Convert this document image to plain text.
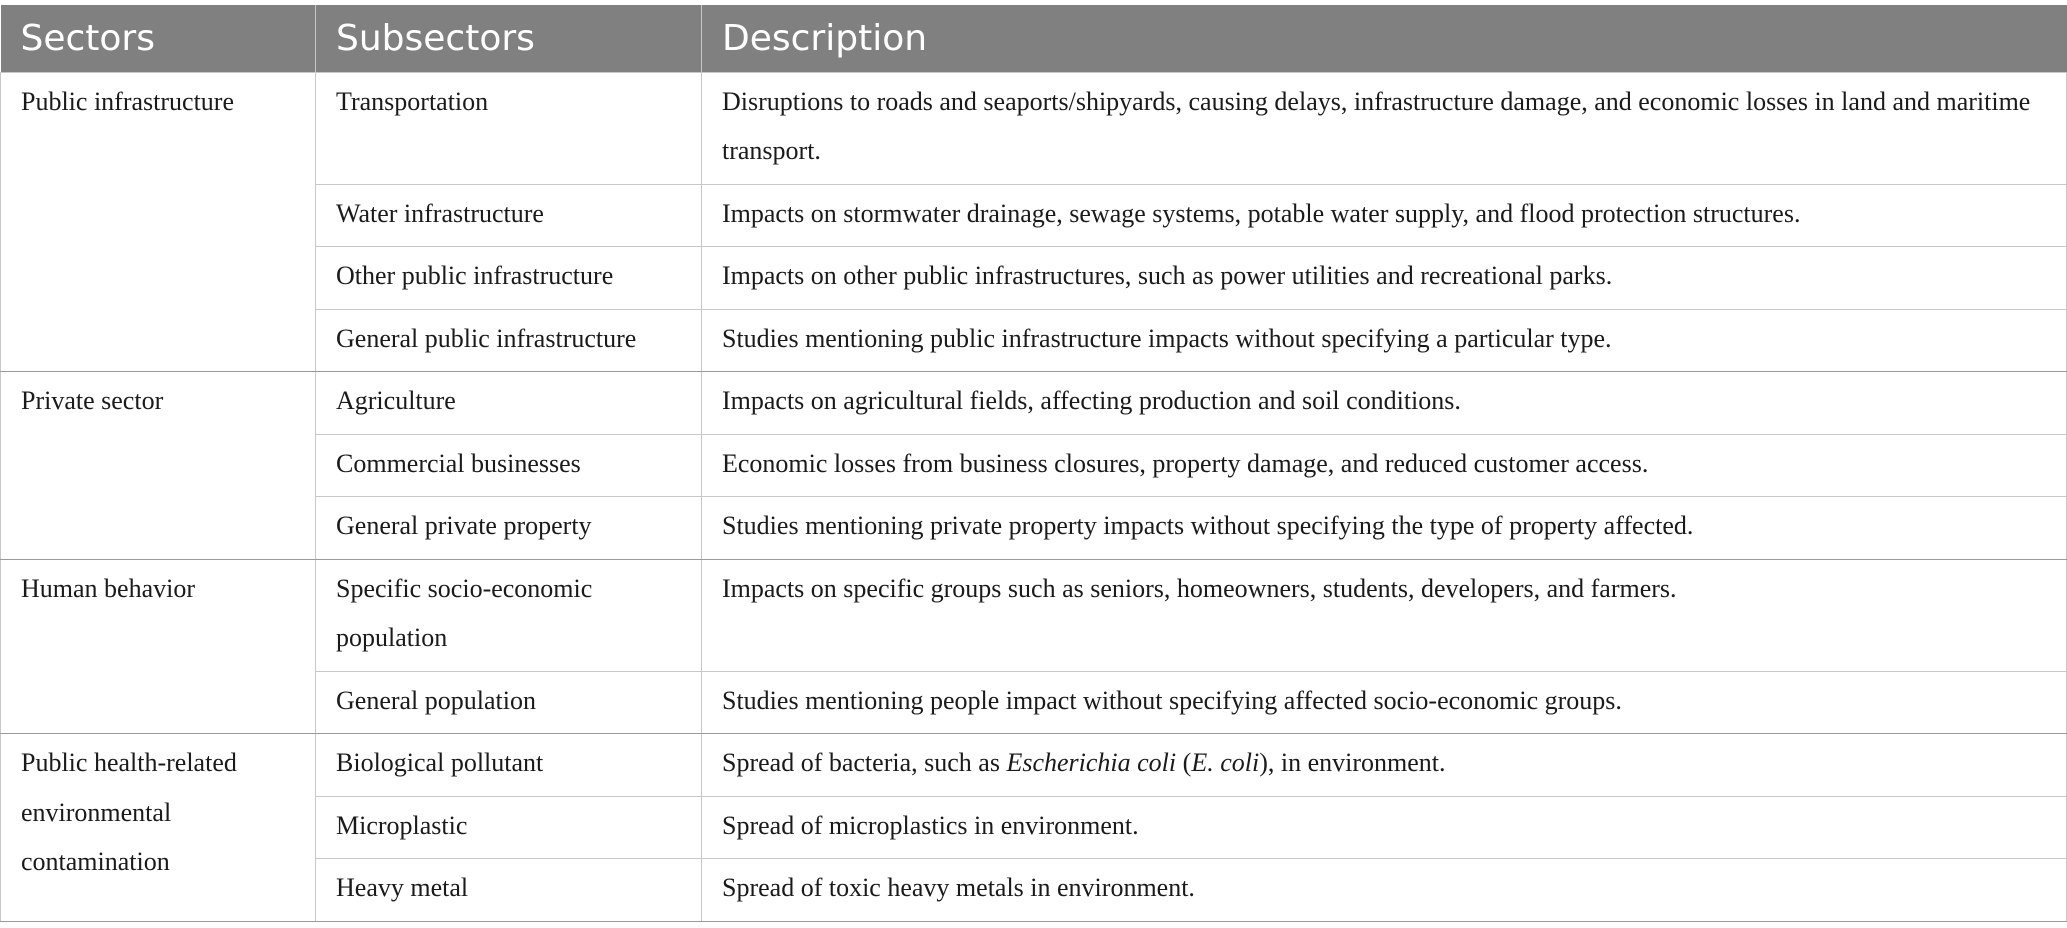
Sectors	Subsectors	Description
Public infrastructure	Transportation	Disruptions to roads and seaports/shipyards, causing delays, infrastructure damage, and economic losses in land and maritime transport.
	Water infrastructure	Impacts on stormwater drainage, sewage systems, potable water supply, and flood protection structures.
	Other public infrastructure	Impacts on other public infrastructures, such as power utilities and recreational parks.
	General public infrastructure	Studies mentioning public infrastructure impacts without specifying a particular type.
Private sector	Agriculture	Impacts on agricultural fields, affecting production and soil conditions.
	Commercial businesses	Economic losses from business closures, property damage, and reduced customer access.
	General private property	Studies mentioning private property impacts without specifying the type of property affected.
Human behavior	Specific socio-economic population	Impacts on specific groups such as seniors, homeowners, students, developers, and farmers.
	General population	Studies mentioning people impact without specifying affected socio-economic groups.
Public health-related environmental contamination	Biological pollutant	Spread of bacteria, such as Escherichia coli (E. coli), in environment.
	Microplastic	Spread of microplastics in environment.
	Heavy metal	Spread of toxic heavy metals in environment.
